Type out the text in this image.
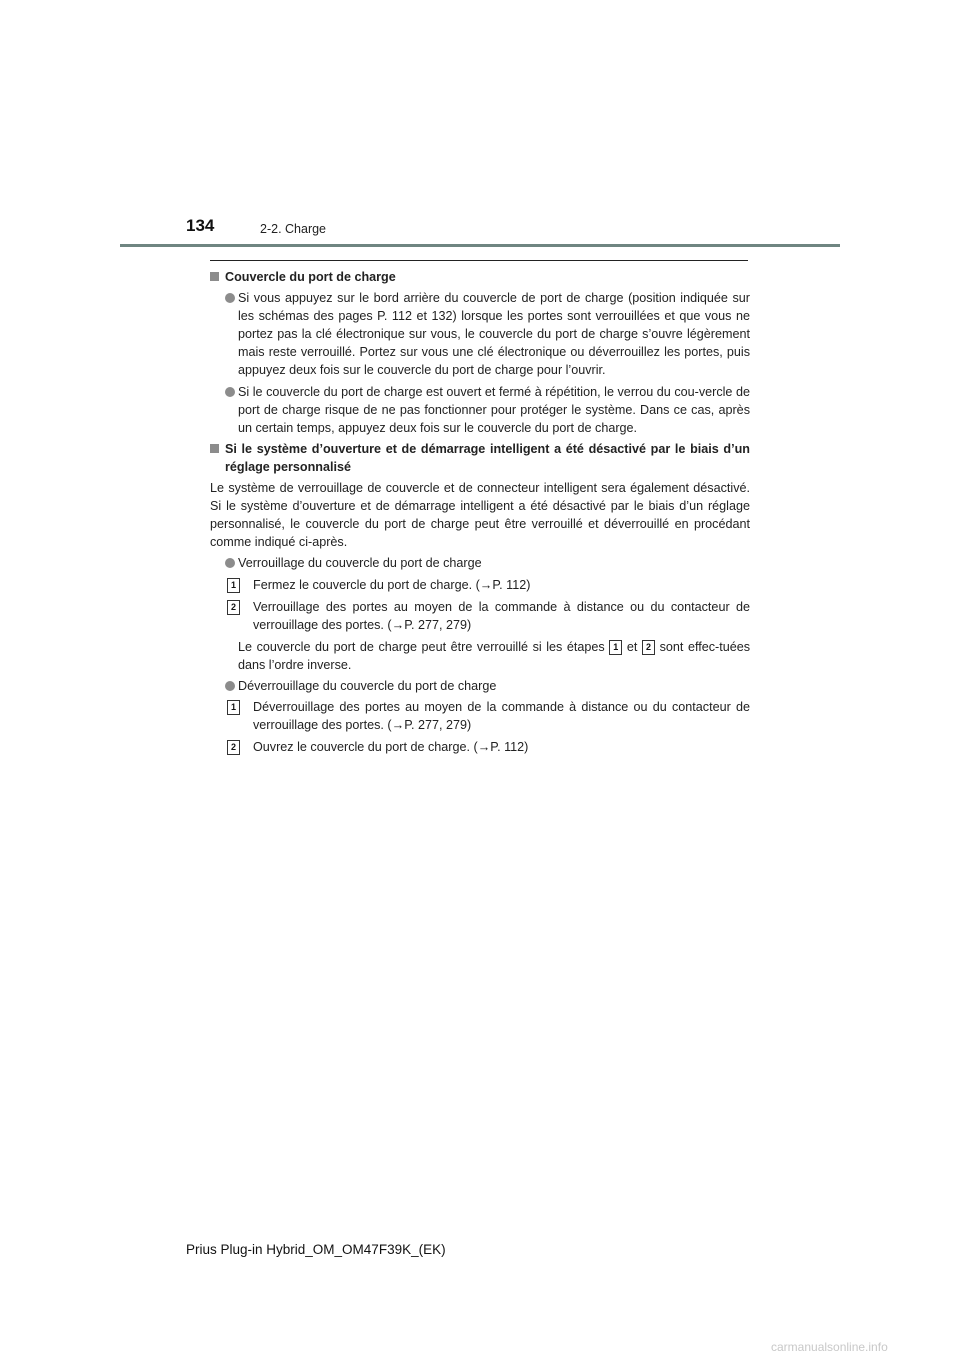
134	2-2. Charge
Couvercle du port de charge
Si vous appuyez sur le bord arrière du couvercle de port de charge (position indiquée sur les schémas des pages P. 112 et 132) lorsque les portes sont verrouillées et que vous ne portez pas la clé électronique sur vous, le couvercle du port de charge s’ouvre légèrement mais reste verrouillé. Portez sur vous une clé électronique ou déverrouillez les portes, puis appuyez deux fois sur le couvercle du port de charge pour l’ouvrir.
Si le couvercle du port de charge est ouvert et fermé à répétition, le verrou du cou-vercle de port de charge risque de ne pas fonctionner pour protéger le système. Dans ce cas, après un certain temps, appuyez deux fois sur le couvercle du port de charge.
Si le système d’ouverture et de démarrage intelligent a été désactivé par le biais d’un réglage personnalisé
Le système de verrouillage de couvercle et de connecteur intelligent sera également désactivé. Si le système d’ouverture et de démarrage intelligent a été désactivé par le biais d’un réglage personnalisé, le couvercle du port de charge peut être verrouillé et déverrouillé en procédant comme indiqué ci-après.
Verrouillage du couvercle du port de charge
1	Fermez le couvercle du port de charge. (→P. 112)
2	Verrouillage des portes au moyen de la commande à distance ou du contacteur de verrouillage des portes. (→P. 277, 279)
Le couvercle du port de charge peut être verrouillé si les étapes 1 et 2 sont effec-tuées dans l’ordre inverse.
Déverrouillage du couvercle du port de charge
1	Déverrouillage des portes au moyen de la commande à distance ou du contacteur de verrouillage des portes. (→P. 277, 279)
2	Ouvrez le couvercle du port de charge. (→P. 112)
Prius Plug-in Hybrid_OM_OM47F39K_(EK)
carmanualsonline.info
